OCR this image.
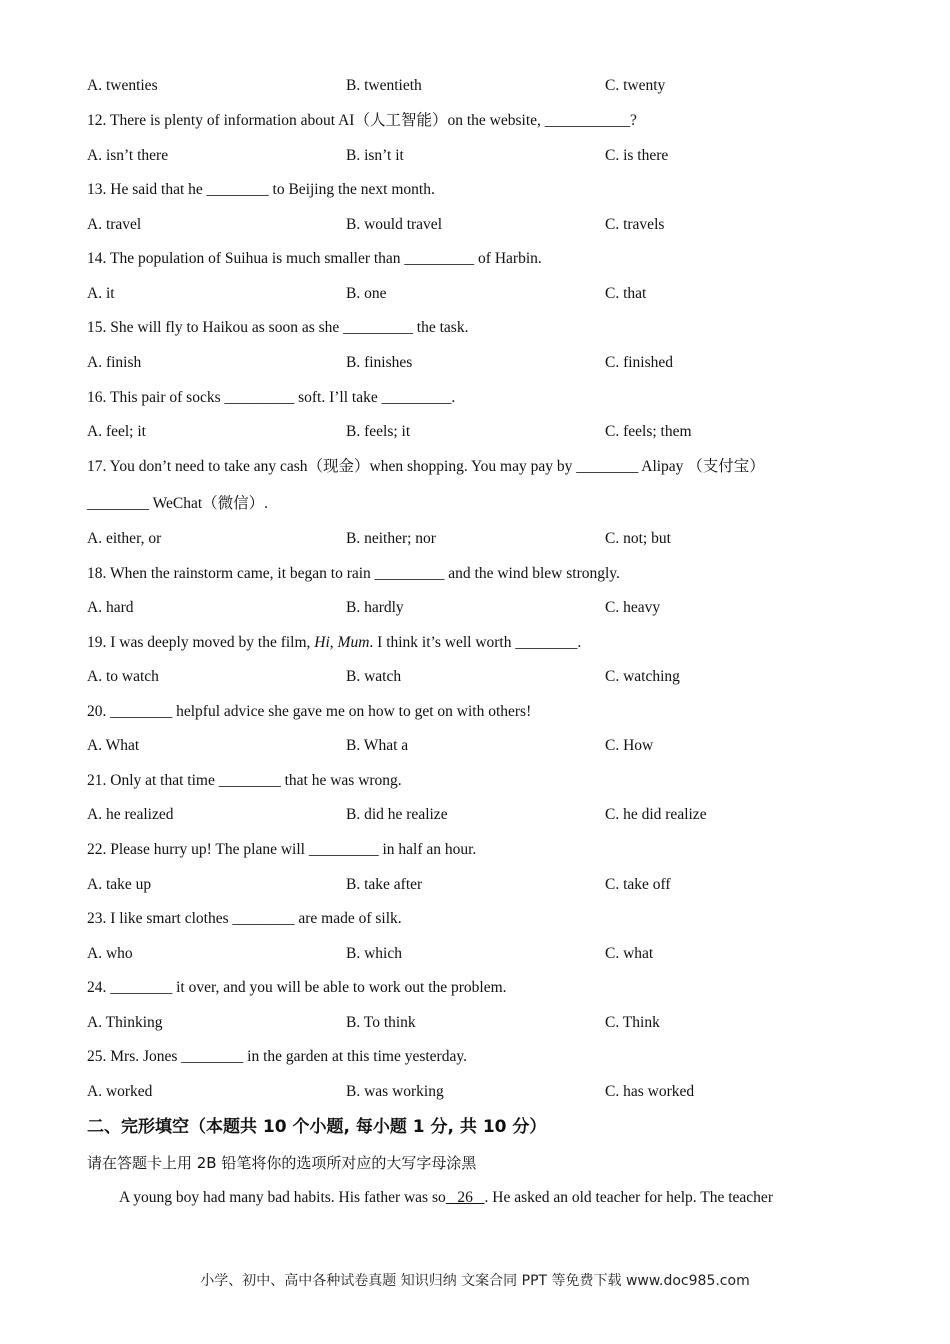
A. twenties	B. twentieth	C. twenty
12. There is plenty of information about AI（人工智能）on the website, ___________?
A. isn’t there	B. isn’t it	C. is there
13. He said that he ________ to Beijing the next month.
A. travel	B. would travel	C. travels
14. The population of Suihua is much smaller than _________ of Harbin.
A. it	B. one	C. that
15. She will fly to Haikou as soon as she _________ the task.
A. finish	B. finishes	C. finished
16. This pair of socks _________ soft. I’ll take _________.
A. feel; it	B. feels; it	C. feels; them
17. You don’t need to take any cash（现金）when shopping. You may pay by ________ Alipay （支付宝）
________ WeChat（微信）.
A. either, or	B. neither; nor	C. not; but
18. When the rainstorm came, it began to rain _________ and the wind blew strongly.
A. hard	B. hardly	C. heavy
19. I was deeply moved by the film, Hi, Mum. I think it’s well worth ________.
A. to watch	B. watch	C. watching
20. ________ helpful advice she gave me on how to get on with others!
A. What	B. What a	C. How
21. Only at that time ________ that he was wrong.
A. he realized	B. did he realize	C. he did realize
22. Please hurry up! The plane will _________ in half an hour.
A. take up	B. take after	C. take off
23. I like smart clothes ________ are made of silk.
A. who	B. which	C. what
24. ________ it over, and you will be able to work out the problem.
A. Thinking	B. To think	C. Think
25. Mrs. Jones ________ in the garden at this time yesterday.
A. worked	B. was working	C. has worked
二、完形填空（本题共 10 个小题, 每小题 1 分, 共 10 分）
请在答题卡上用 2B 铅笔将你的选项所对应的大写字母涂黑
A young boy had many bad habits. His father was so   26   . He asked an old teacher for help. The teacher
小学、初中、高中各种试卷真题 知识归纳 文案合同 PPT 等免费下载 www.doc985.com
